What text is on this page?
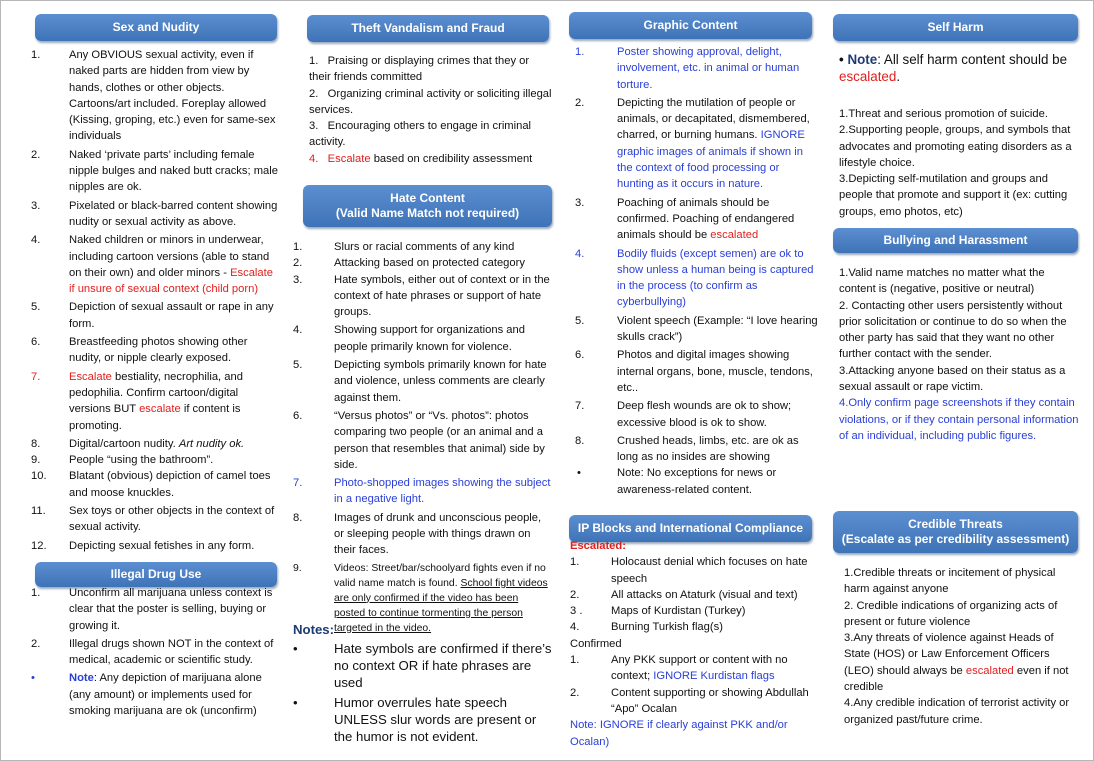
Sex and Nudity
1.	Any OBVIOUS sexual activity, even if naked parts are hidden from view by hands, clothes or other objects. Cartoons/art included. Foreplay allowed (Kissing, groping, etc.) even for same-sex individuals
2.	Naked ‘private parts’ including female nipple bulges and naked butt cracks; male nipples are ok.
3.	Pixelated or black-barred content showing nudity or sexual activity as above.
4.	Naked children or minors in underwear, including cartoon versions (able to stand on their own) and older minors - Escalate if unsure of sexual context (child porn)
5.	Depiction of sexual assault or rape in any form.
6.	Breastfeeding photos showing other nudity, or nipple clearly exposed.
7.	Escalate bestiality, necrophilia, and pedophilia. Confirm cartoon/digital versions BUT escalate if content is promoting.
8.	Digital/cartoon nudity. Art nudity ok.
9.	People “using the bathroom”.
10. Blatant (obvious) depiction of camel toes and moose knuckles.
11. Sex toys or other objects in the context of sexual activity.
12. Depicting sexual fetishes in any form.
Illegal Drug Use
1.	Unconfirm all marijuana unless context is clear that the poster is selling, buying or growing it.
2.	Illegal drugs shown NOT in the context of medical, academic or scientific study.
•	Note: Any depiction of marijuana alone (any amount) or implements used for smoking marijuana are ok (unconfirm)
Theft Vandalism and Fraud

1. Praising or displaying crimes that they or their friends committed

2. Organizing criminal activity or soliciting illegal services.

3. Encouraging others to engage in criminal activity.

4. Escalate based on credibility assessment

Hate Content
(Valid Name Match not required)
1.	Slurs or racial comments of any kind
2.	Attacking based on protected category
3.	Hate symbols, either out of context or in the context of hate phrases or support of hate groups.
4.	Showing support for organizations and people primarily known for violence.
5.	Depicting symbols primarily known for hate and violence, unless comments are clearly against them.
6.	“Versus photos” or “Vs. photos”: photos comparing two people (or an animal and a person that resembles that animal) side by side.
7.	Photo-shopped images showing the subject in a negative light.
8.	Images of drunk and unconscious people, or sleeping people with things drawn on their faces.
9.	Videos: Street/bar/schoolyard fights even if no valid name match is found. School fight videos are only confirmed if the video has been posted to continue tormenting the person targeted in the video.
Notes:
•	Hate symbols are confirmed if there’s no context OR if hate phrases are used
•	Humor overrules hate speech UNLESS slur words are present or the humor is not evident.
Graphic Content
1.	Poster showing approval, delight, involvement, etc. in animal or human torture.
2.	Depicting the mutilation of people or animals, or decapitated, dismembered, charred, or burning humans. IGNORE graphic images of animals if shown in the context of food processing or hunting as it occurs in nature.
3.	Poaching of animals should be confirmed. Poaching of endangered animals should be escalated
4.	Bodily fluids (except semen) are ok to show unless a human being is captured in the process (to confirm as cyberbullying)
5.	Violent speech (Example: “I love hearing skulls crack”)
6.	Photos and digital images showing internal organs, bone, muscle, tendons, etc..
7.	Deep flesh wounds are ok to show; excessive blood is ok to show.
8.	Crushed heads, limbs, etc. are ok as long as no insides are showing
•	Note: No exceptions for news or awareness-related content.
IP Blocks and International Compliance
Escalated:
1.	Holocaust denial which focuses on hate speech
2.	All attacks on Ataturk (visual and text)
3 .	Maps of Kurdistan (Turkey)
4.	Burning Turkish flag(s)
Confirmed
1.	Any PKK support or content with no context; IGNORE Kurdistan flags
2.	Content supporting or showing Abdullah “Apo” Ocalan
Note: IGNORE if clearly against PKK and/or Ocalan)
Self Harm
• Note: All self harm content should be escalated.
1.Threat and serious promotion of suicide.
2.Supporting people, groups, and symbols that advocates and promoting eating disorders as a lifestyle choice.
3.Depicting self-mutilation and groups and people that promote and support it (ex: cutting groups, emo photos, etc)
Bullying and Harassment
1.Valid name matches no matter what the content is (negative, positive or neutral)
2. Contacting other users persistently without prior solicitation or continue to do so when the other party has said that they want no other further contact with the sender.
3.Attacking anyone based on their status as a sexual assault or rape victim.
4.Only confirm page screenshots if they contain violations, or if they contain personal information of an individual, including public figures.
Credible Threats
(Escalate as per credibility assessment)
1.Credible threats or incitement of physical harm against anyone
2. Credible indications of organizing acts of present or future violence
3.Any threats of violence against Heads of State (HOS) or Law Enforcement Officers (LEO) should always be escalated even if not credible
4.Any credible indication of terrorist activity or organized past/future crime.
